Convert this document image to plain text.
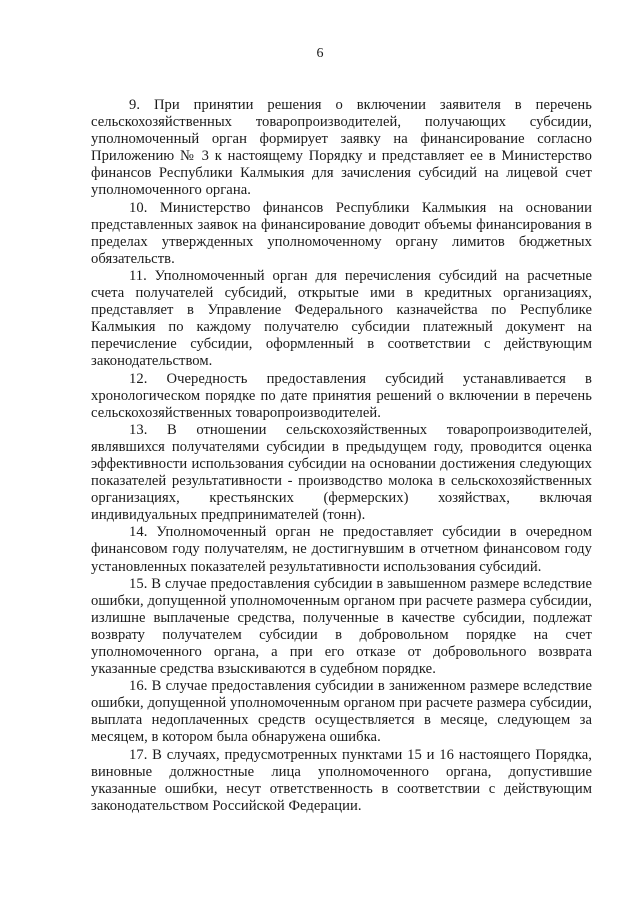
6

9. При принятии решения о включении заявителя в перечень сельскохозяйственных товаропроизводителей, получающих субсидии, уполномоченный орган формирует заявку на финансирование согласно Приложению № 3 к настоящему Порядку и представляет ее в Министерство финансов Республики Калмыкия для зачисления субсидий на лицевой счет уполномоченного органа.

10. Министерство финансов Республики Калмыкия на основании представленных заявок на финансирование доводит объемы финансирования в пределах утвержденных уполномоченному органу лимитов бюджетных обязательств.

11. Уполномоченный орган для перечисления субсидий на расчетные счета получателей субсидий, открытые ими в кредитных организациях, представляет в Управление Федерального казначейства по Республике Калмыкия по каждому получателю субсидии платежный документ на перечисление субсидии, оформленный в соответствии с действующим законодательством.

12. Очередность предоставления субсидий устанавливается в хронологическом порядке по дате принятия решений о включении в перечень сельскохозяйственных товаропроизводителей.

13. В отношении сельскохозяйственных товаропроизводителей, являвшихся получателями субсидии в предыдущем году, проводится оценка эффективности использования субсидии на основании достижения следующих показателей результативности - производство молока в сельскохозяйственных организациях, крестьянских (фермерских) хозяйствах, включая индивидуальных предпринимателей (тонн).

14. Уполномоченный орган не предоставляет субсидии в очередном финансовом году получателям, не достигнувшим в отчетном финансовом году установленных показателей результативности использования субсидий.

15. В случае предоставления субсидии в завышенном размере вследствие ошибки, допущенной уполномоченным органом при расчете размера субсидии, излишне выплаченые средства, полученные в качестве субсидии, подлежат возврату получателем субсидии в добровольном порядке на счет уполномоченного органа, а при его отказе от добровольного возврата указанные средства взыскиваются в судебном порядке.

16. В случае предоставления субсидии в заниженном размере вследствие ошибки, допущенной уполномоченным органом при расчете размера субсидии, выплата недоплаченных средств осуществляется в месяце, следующем за месяцем, в котором была обнаружена ошибка.

17. В случаях, предусмотренных пунктами 15 и 16 настоящего Порядка, виновные должностные лица уполномоченного органа, допустившие указанные ошибки, несут ответственность в соответствии с действующим законодательством Российской Федерации.
